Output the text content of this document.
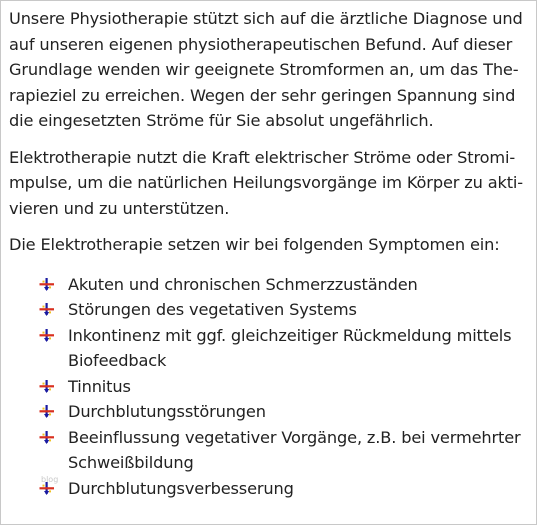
Unsere Physiotherapie stützt sich auf die ärztliche Diagnose und
auf unseren eigenen physiotherapeutischen Befund. Auf dieser
Grundlage wenden wir geeignete Stromformen an, um das The-
rapieziel zu erreichen. Wegen der sehr geringen Spannung sind
die eingesetzten Ströme für Sie absolut ungefährlich.

Elektrotherapie nutzt die Kraft elektrischer Ströme oder Stromi-
mpulse, um die natürlichen Heilungsvorgänge im Körper zu akti-
vieren und zu unterstützen.

Die Elektrotherapie setzen wir bei folgenden Symptomen ein:

Akuten und chronischen Schmerzzuständen
Störungen des vegetativen Systems
Inkontinenz mit ggf. gleichzeitiger Rückmeldung mittels
Biofeedback
Tinnitus
Durchblutungsstörungen
Beeinflussung vegetativer Vorgänge, z.B. bei vermehrter
Schweißbildung
Durchblutungsverbesserung
blog
